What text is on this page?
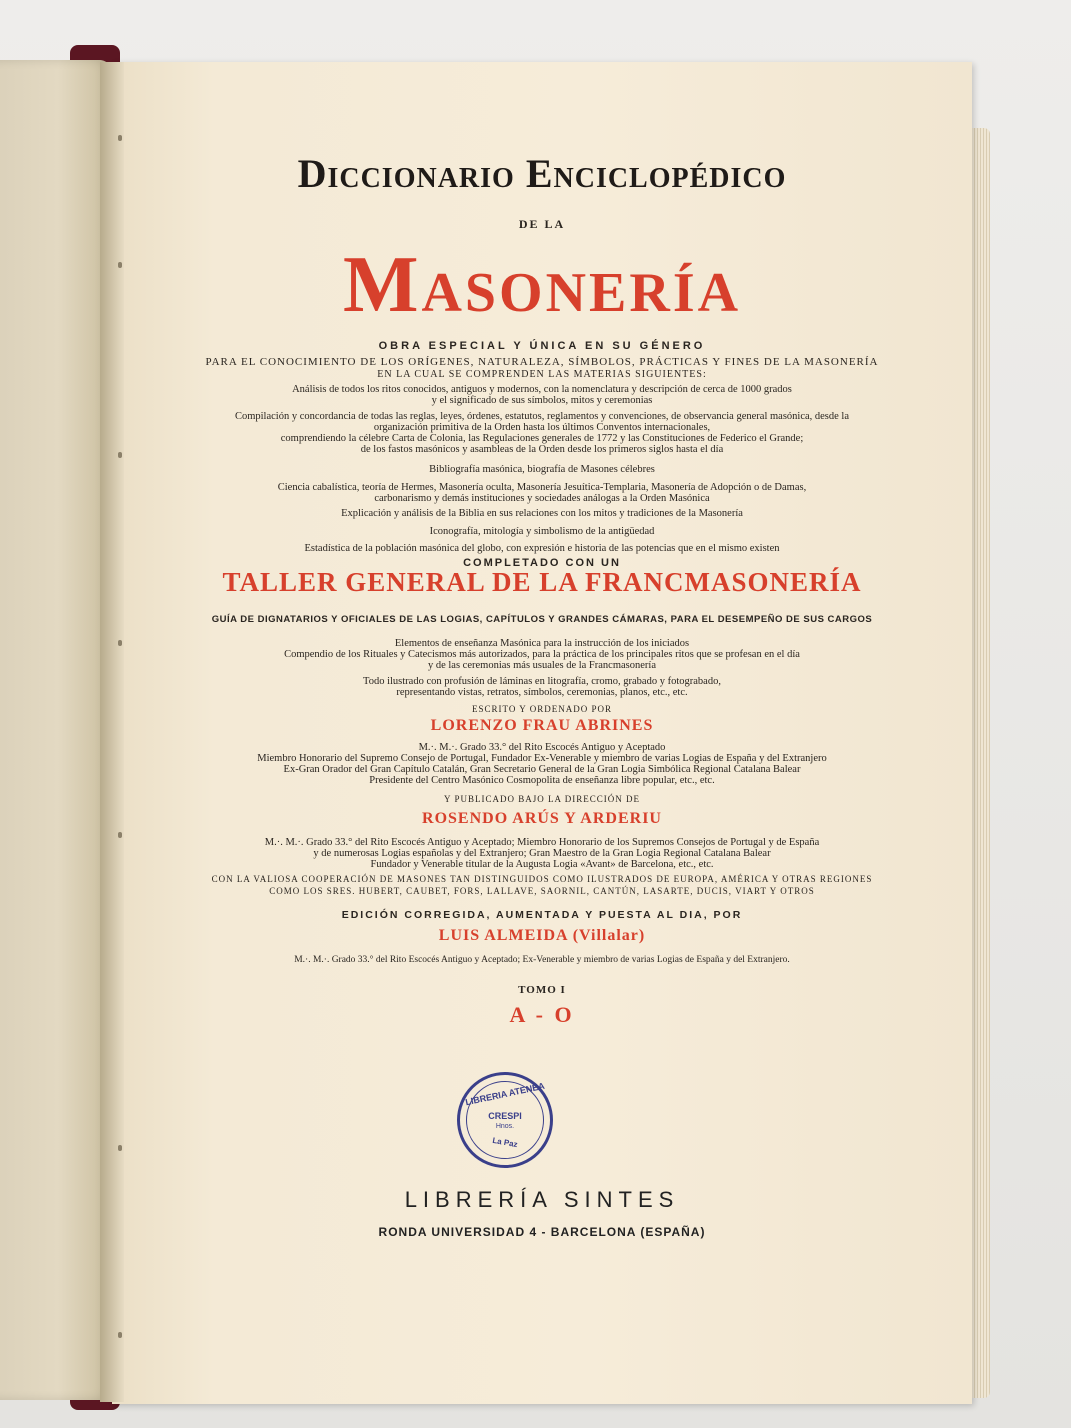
Diccionario Enciclopédico
DE LA
Masonería
OBRA ESPECIAL Y ÚNICA EN SU GÉNERO
PARA EL CONOCIMIENTO DE LOS ORÍGENES, NATURALEZA, SÍMBOLOS, PRÁCTICAS Y FINES DE LA MASONERÍA
EN LA CUAL SE COMPRENDEN LAS MATERIAS SIGUIENTES:
Análisis de todos los ritos conocidos, antiguos y modernos, con la nomenclatura y descripción de cerca de 1000 grados
y el significado de sus símbolos, mitos y ceremonias
Compilación y concordancia de todas las reglas, leyes, órdenes, estatutos, reglamentos y convenciones, de observancia general masónica, desde la
organización primitiva de la Orden hasta los últimos Conventos internacionales,
comprendiendo la célebre Carta de Colonia, las Regulaciones generales de 1772 y las Constituciones de Federico el Grande;
de los fastos masónicos y asambleas de la Orden desde los primeros siglos hasta el día
Bibliografía masónica, biografía de Masones célebres
Ciencia cabalística, teoría de Hermes, Masonería oculta, Masonería Jesuítica-Templaria, Masonería de Adopción o de Damas,
carbonarismo y demás instituciones y sociedades análogas a la Orden Masónica
Explicación y análisis de la Biblia en sus relaciones con los mitos y tradiciones de la Masonería
Iconografía, mitología y simbolismo de la antigüedad
Estadística de la población masónica del globo, con expresión e historia de las potencias que en el mismo existen
COMPLETADO CON UN
TALLER GENERAL DE LA FRANCMASONERÍA
GUÍA DE DIGNATARIOS Y OFICIALES DE LAS LOGIAS, CAPÍTULOS Y GRANDES CÁMARAS, PARA EL DESEMPEÑO DE SUS CARGOS
Elementos de enseñanza Masónica para la instrucción de los iniciados
Compendio de los Rituales y Catecismos más autorizados, para la práctica de los principales ritos que se profesan en el día
y de las ceremonias más usuales de la Francmasonería
Todo ilustrado con profusión de láminas en litografía, cromo, grabado y fotograbado,
representando vistas, retratos, símbolos, ceremonias, planos, etc., etc.
ESCRITO Y ORDENADO POR
LORENZO FRAU ABRINES
M.·. M.·. Grado 33.° del Rito Escocés Antiguo y Aceptado
Miembro Honorario del Supremo Consejo de Portugal, Fundador Ex-Venerable y miembro de varias Logias de España y del Extranjero
Ex-Gran Orador del Gran Capítulo Catalán, Gran Secretario General de la Gran Logia Simbólica Regional Catalana Balear
Presidente del Centro Masónico Cosmopolita de enseñanza libre popular, etc., etc.
Y PUBLICADO BAJO LA DIRECCIÓN DE
ROSENDO ARÚS Y ARDERIU
M.·. M.·. Grado 33.° del Rito Escocés Antiguo y Aceptado; Miembro Honorario de los Supremos Consejos de Portugal y de España
y de numerosas Logias españolas y del Extranjero; Gran Maestro de la Gran Logia Regional Catalana Balear
Fundador y Venerable titular de la Augusta Logia «Avant» de Barcelona, etc., etc.
CON LA VALIOSA COOPERACIÓN DE MASONES TAN DISTINGUIDOS COMO ILUSTRADOS DE EUROPA, AMÉRICA Y OTRAS REGIONES
COMO LOS SRES. HUBERT, CAUBET, FORS, LALLAVE, SAORNIL, CANTÚN, LASARTE, DUCIS, VIART Y OTROS
EDICIÓN CORREGIDA, AUMENTADA Y PUESTA AL DIA, POR
LUIS ALMEIDA (Villalar)
M.·. M.·. Grado 33.° del Rito Escocés Antiguo y Aceptado; Ex-Venerable y miembro de varias Logias de España y del Extranjero.
TOMO I
A - O
LIBRERIA ATENEA
CRESPI
Hnos.
La Paz
LIBRERÍA SINTES
RONDA UNIVERSIDAD 4 - BARCELONA (ESPAÑA)
